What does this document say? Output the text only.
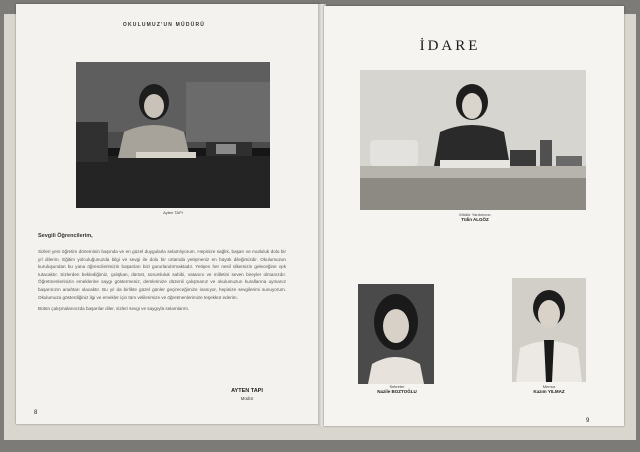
OKULUMUZ'UN MÜDÜRÜ
Ayten TAPI
Sevgili Öğrencilerim,

Sizleri yeni öğretim döneminin başında ve en güzel duygularla selamlıyorum. Hepinize sağlık, başarı ve mutluluk dolu bir yıl dilerim. Eğitim yolculuğunuzda bilgi ve sevgi ile dolu bir ortamda yetişmeniz en büyük dileğimizdir. Okulumuzun kuruluşundan bu yana öğrencilerimizin başarıları bizi gururlandırmaktadır. Yetişen her nesil ülkemizin geleceğine ışık tutacaktır. Sizlerden beklediğimiz, çalışkan, dürüst, sorumluluk sahibi, vatanını ve milletini seven bireyler olmanızdır. Öğretmenlerinizin emeklerine saygı göstermeniz, derslerinize düzenli çalışmanız ve okulumuzun kurallarına uymanız başarınızın anahtarı olacaktır. Bu yıl da birlikte güzel günler geçireceğimize inanıyor, hepinize sevgilerimi sunuyorum. Okulumuza gösterdiğiniz ilgi ve emekler için tüm velilerimize ve öğretmenlerimize teşekkür ederim.

Bütün çalışmalarınızda başarılar diler, sizleri sevgi ve saygıyla selamlarım.

AYTEN TAPI
Müdür
8
İDARE
Müdür Yardımcısı
Tülin ALGÖZ
Sekreter
Nazile BOZTOĞLU
Memur
Kazım YILMAZ
9
